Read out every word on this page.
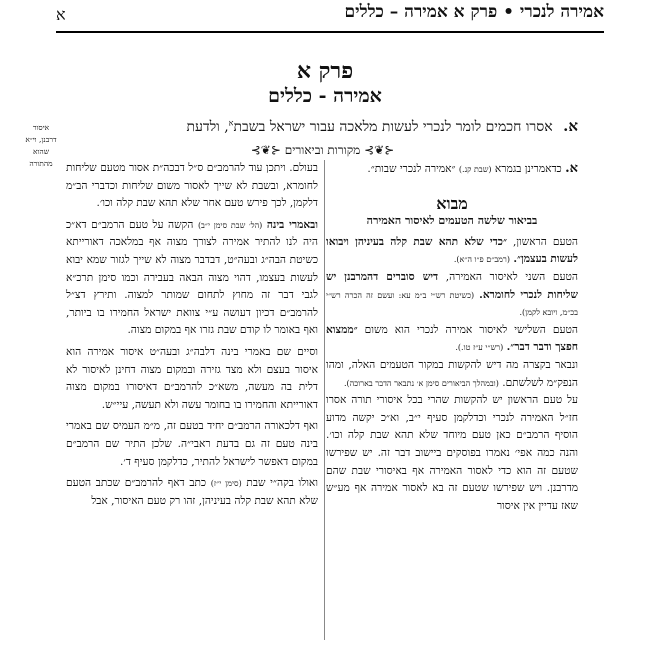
אמירה לנכרי • פרק א אמירה – כללים
א
פרק א
אמירה - כללים
א. אסרו חכמים לומר לנכרי לעשות מלאכה עבור ישראל בשבת$^א$, ולדעת
איסור
דרבנן, וי״א
שהוא
מהתורה
⊰❦⊱ מקורות וביאורים ⊰❦⊱

א. כדאמרינן בגמרא (שבת קנ.) ״אמירה לנכרי שבות״.

מבוא
בביאור שלשה הטעמים לאיסור האמירה

הטעם הראשון, ״כדי שלא תהא שבת קלה בעיניהן ויבואו לעשות בעצמן״. (רמב״ם פ״ו ה״א).

הטעם השני לאיסור האמירה, דיש סוברים דהמרבנן יש שליחות לנכרי לחומרא. (כשיטת רש״י ב״מ עא: ועשם זה הכרה רש״י בכ״מ, ויובא לקמן).

הטעם השלישי לאיסור אמירה לנכרי הוא משום ״ממצוא חפצך ודבר דבר״. (רש״י ע״ז טו.).

ונבאר בקצרה מה דיש להקשות במקור הטעמים האלה, ומהו הנפק״מ לשלשתם. (ובמהלך הביאורים סימן א׳ נתבאר הדבר בארוכה).

על טעם הראשון יש להקשות שהרי בכל איסורי תורה אסרו חז״ל האמירה לנכרי וכדלקמן סעיף י״ב, וא״כ יקשה מדוע הוסיף הרמב״ם כאן טעם מיוחד שלא תהא שבת קלה וכו׳. והנה כמה אפי׳ נאמרו בפוסקים ביישוב דבר זה. יש שפירשו שטעם זה הוא כדי לאסור האמירה אף באיסורי שבת שהם מדרבנן. ויש שפירשו שטעם זה בא לאסור אמירה אף מע״ש שאז עדיין אין איסור

בעולם. ויתכן עוד להרמב״ם ס״ל דבכה״ת אסור מטעם שליחות לחומרא, ובשבת לא שייך לאסור משום שליחות וכדברי הב״מ דלקמן, לכך פירש טעם אחר שלא תהא שבת קלה וכו׳.

ובאמרי בינה (הל׳ שבת סימן י״ב) הקשה על טעם הרמב״ם דא״כ היה לנו להתיר אמירה לצורך מצוה אף במלאכה דאורייתא כשיטת הבה״ג ובעה״ט, דבדבר מצוה לא שייך לגזור שמא יבוא לעשות בעצמו, דהוי מצוה הבאה בעבירה וכמו סימן תרכ״א לגבי דבר זה מחוץ לתחום שמותר למצוה. ותירץ דצ״ל להרמב״ם דכיון דעושה ע״י צוואת ישראל החמירו בו ביותר, ואף באומר לו קודם שבת גזרו אף במקום מצוה.

וסיים שם באמרי בינה דלבה״ג ובעה״ט איסור אמירה הוא איסור בעצם ולא מצד גזירה ובמקום מצוה דחינן לאיסור לא דלית בה מעשה, משא״כ להרמב״ם דאיסורו במקום מצוה דאורייתא והחמירו בו בחומר עשה ולא תעשה, עיי״ש.

ואף דלכאורה הרמב״ם יחיד בטעם זה, מ״מ העמיס שם באמרי בינה טעם זה גם בדעת ראבי״ה. שלכן התיר שם הרמב״ם במקום דאפשר לישראל להתיר, כדלקמן סעיף ד׳.

ואולו בקה״י שבת (סימן י״ז) כתב דאף להרמב״ם שכתב הטעם שלא תהא שבת קלה בעיניהן, זהו רק טעם האיסור, אבל
